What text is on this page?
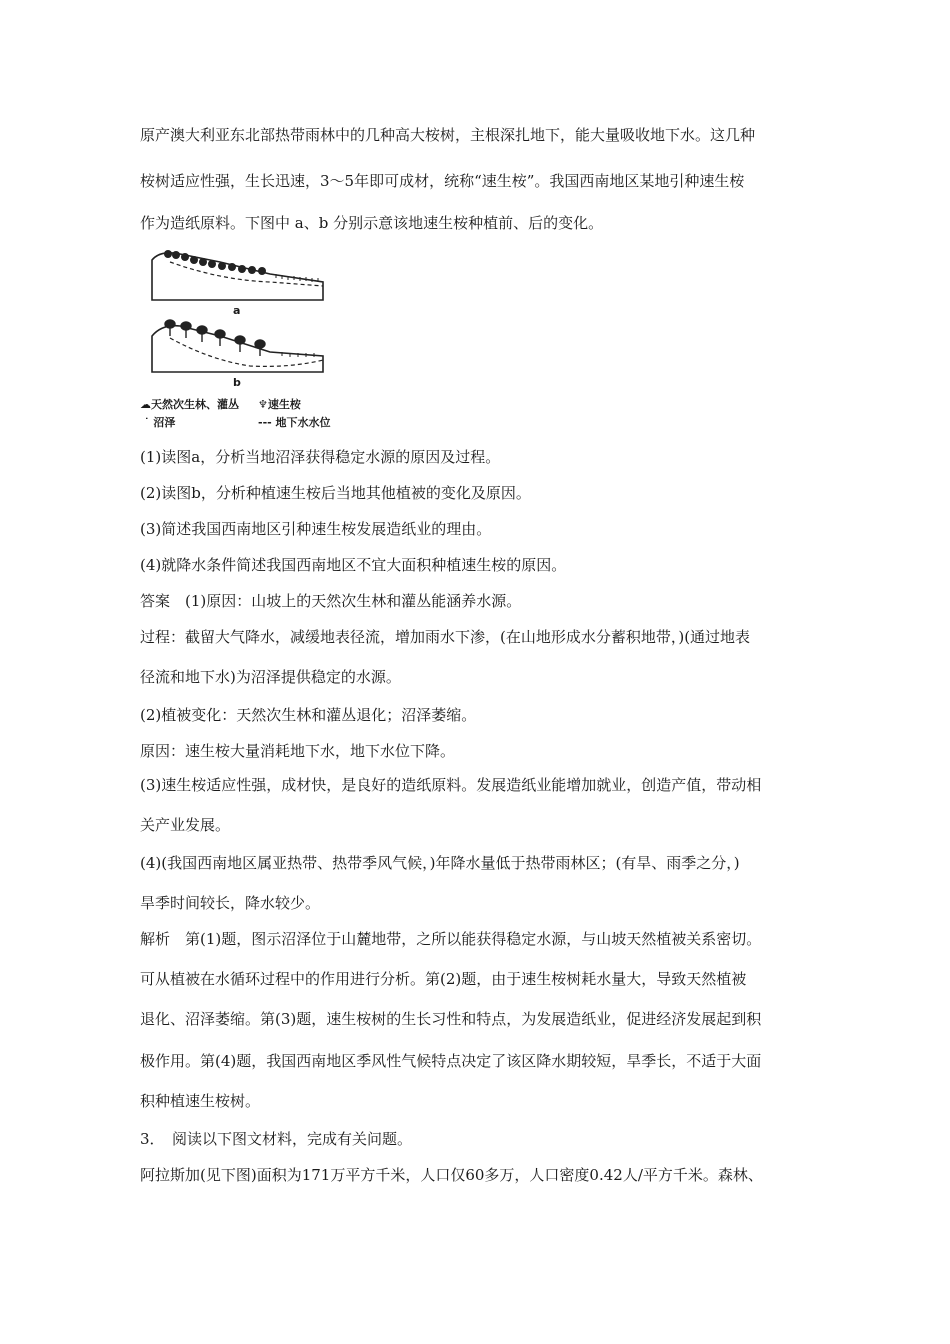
原产澳大利亚东北部热带雨林中的几种高大桉树，主根深扎地下，能大量吸收地下水。这几种
桉树适应性强，生长迅速，3～5年即可成材，统称“速生桉”。我国西南地区某地引种速生桉
作为造纸原料。下图中 a、b 分别示意该地速生桉种植前、后的变化。
a
b
☁天然次生林、灌丛 ♆速生桉
˙ 沼泽	--- 地下水水位
(1)读图a，分析当地沼泽获得稳定水源的原因及过程。
(2)读图b，分析种植速生桉后当地其他植被的变化及原因。
(3)简述我国西南地区引种速生桉发展造纸业的理由。
(4)就降水条件简述我国西南地区不宜大面积种植速生桉的原因。
答案　(1)原因：山坡上的天然次生林和灌丛能涵养水源。
过程：截留大气降水，减缓地表径流，增加雨水下渗，(在山地形成水分蓄积地带，)(通过地表
径流和地下水)为沼泽提供稳定的水源。
(2)植被变化：天然次生林和灌丛退化；沼泽萎缩。
原因：速生桉大量消耗地下水，地下水位下降。
(3)速生桉适应性强，成材快，是良好的造纸原料。发展造纸业能增加就业，创造产值，带动相
关产业发展。
(4)(我国西南地区属亚热带、热带季风气候，)年降水量低于热带雨林区；(有旱、雨季之分，)
旱季时间较长，降水较少。
解析　第(1)题，图示沼泽位于山麓地带，之所以能获得稳定水源，与山坡天然植被关系密切。
可从植被在水循环过程中的作用进行分析。第(2)题，由于速生桉树耗水量大，导致天然植被
退化、沼泽萎缩。第(3)题，速生桉树的生长习性和特点，为发展造纸业，促进经济发展起到积
极作用。第(4)题，我国西南地区季风性气候特点决定了该区降水期较短，旱季长，不适于大面
积种植速生桉树。
3．　阅读以下图文材料，完成有关问题。
阿拉斯加(见下图)面积为171万平方千米，人口仅60多万，人口密度0.42人/平方千米。森林、
